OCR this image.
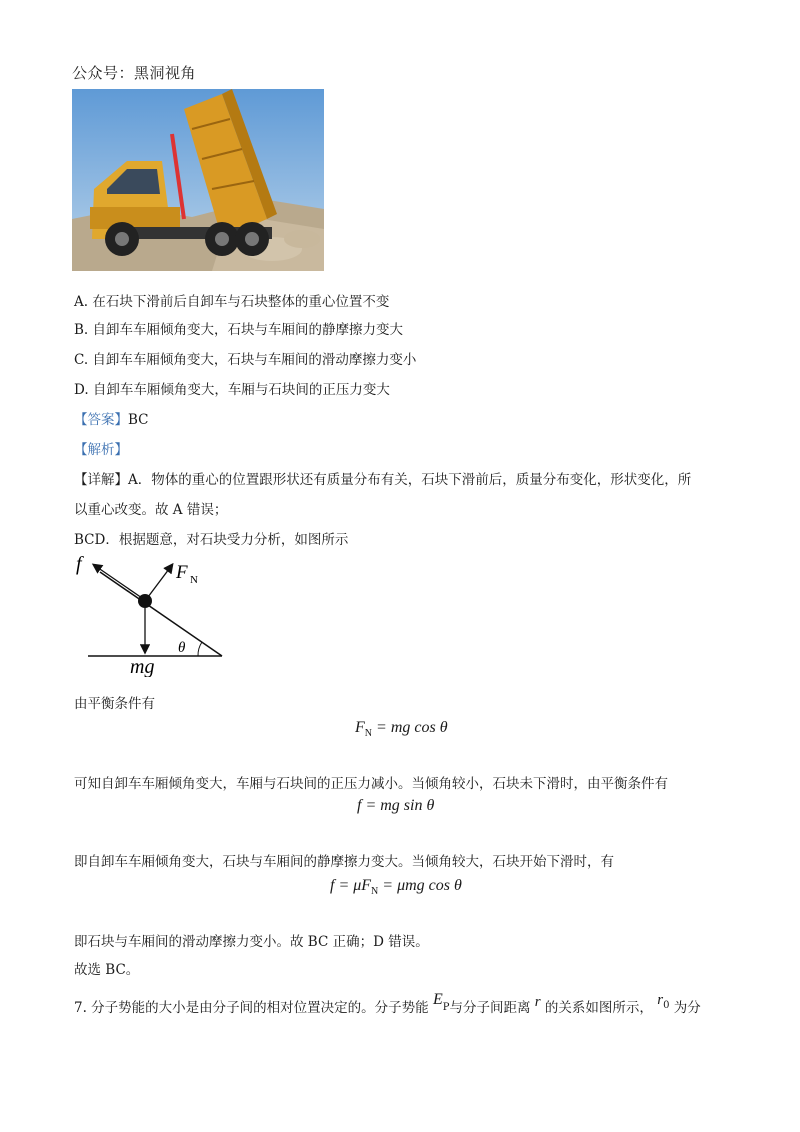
公众号：黑洞视角
A. 在石块下滑前后自卸车与石块整体的重心位置不变
B. 自卸车车厢倾角变大，石块与车厢间的静摩擦力变大
C. 自卸车车厢倾角变大，石块与车厢间的滑动摩擦力变小
D. 自卸车车厢倾角变大，车厢与石块间的正压力变大
【答案】BC
【解析】
【详解】A．物体的重心的位置跟形状还有质量分布有关，石块下滑前后，质量分布变化，形状变化，所
以重心改变。故 A 错误；
BCD．根据题意，对石块受力分析，如图所示
f	F N
mg
θ
由平衡条件有
$F_N$ = mg cos θ
可知自卸车车厢倾角变大，车厢与石块间的正压力减小。当倾角较小，石块未下滑时，由平衡条件有
f = mg sin θ
即自卸车车厢倾角变大，石块与车厢间的静摩擦力变大。当倾角较大，石块开始下滑时，有
$f = \mu F_N = \mu mg$ cos θ
即石块与车厢间的滑动摩擦力变小。故 BC 正确；D 错误。
故选 BC。
7. 分子势能的大小是由分子间的相对位置决定的。分子势能 $E_P$与分子间距离 r 的关系如图所示， $r_0$ 为分
